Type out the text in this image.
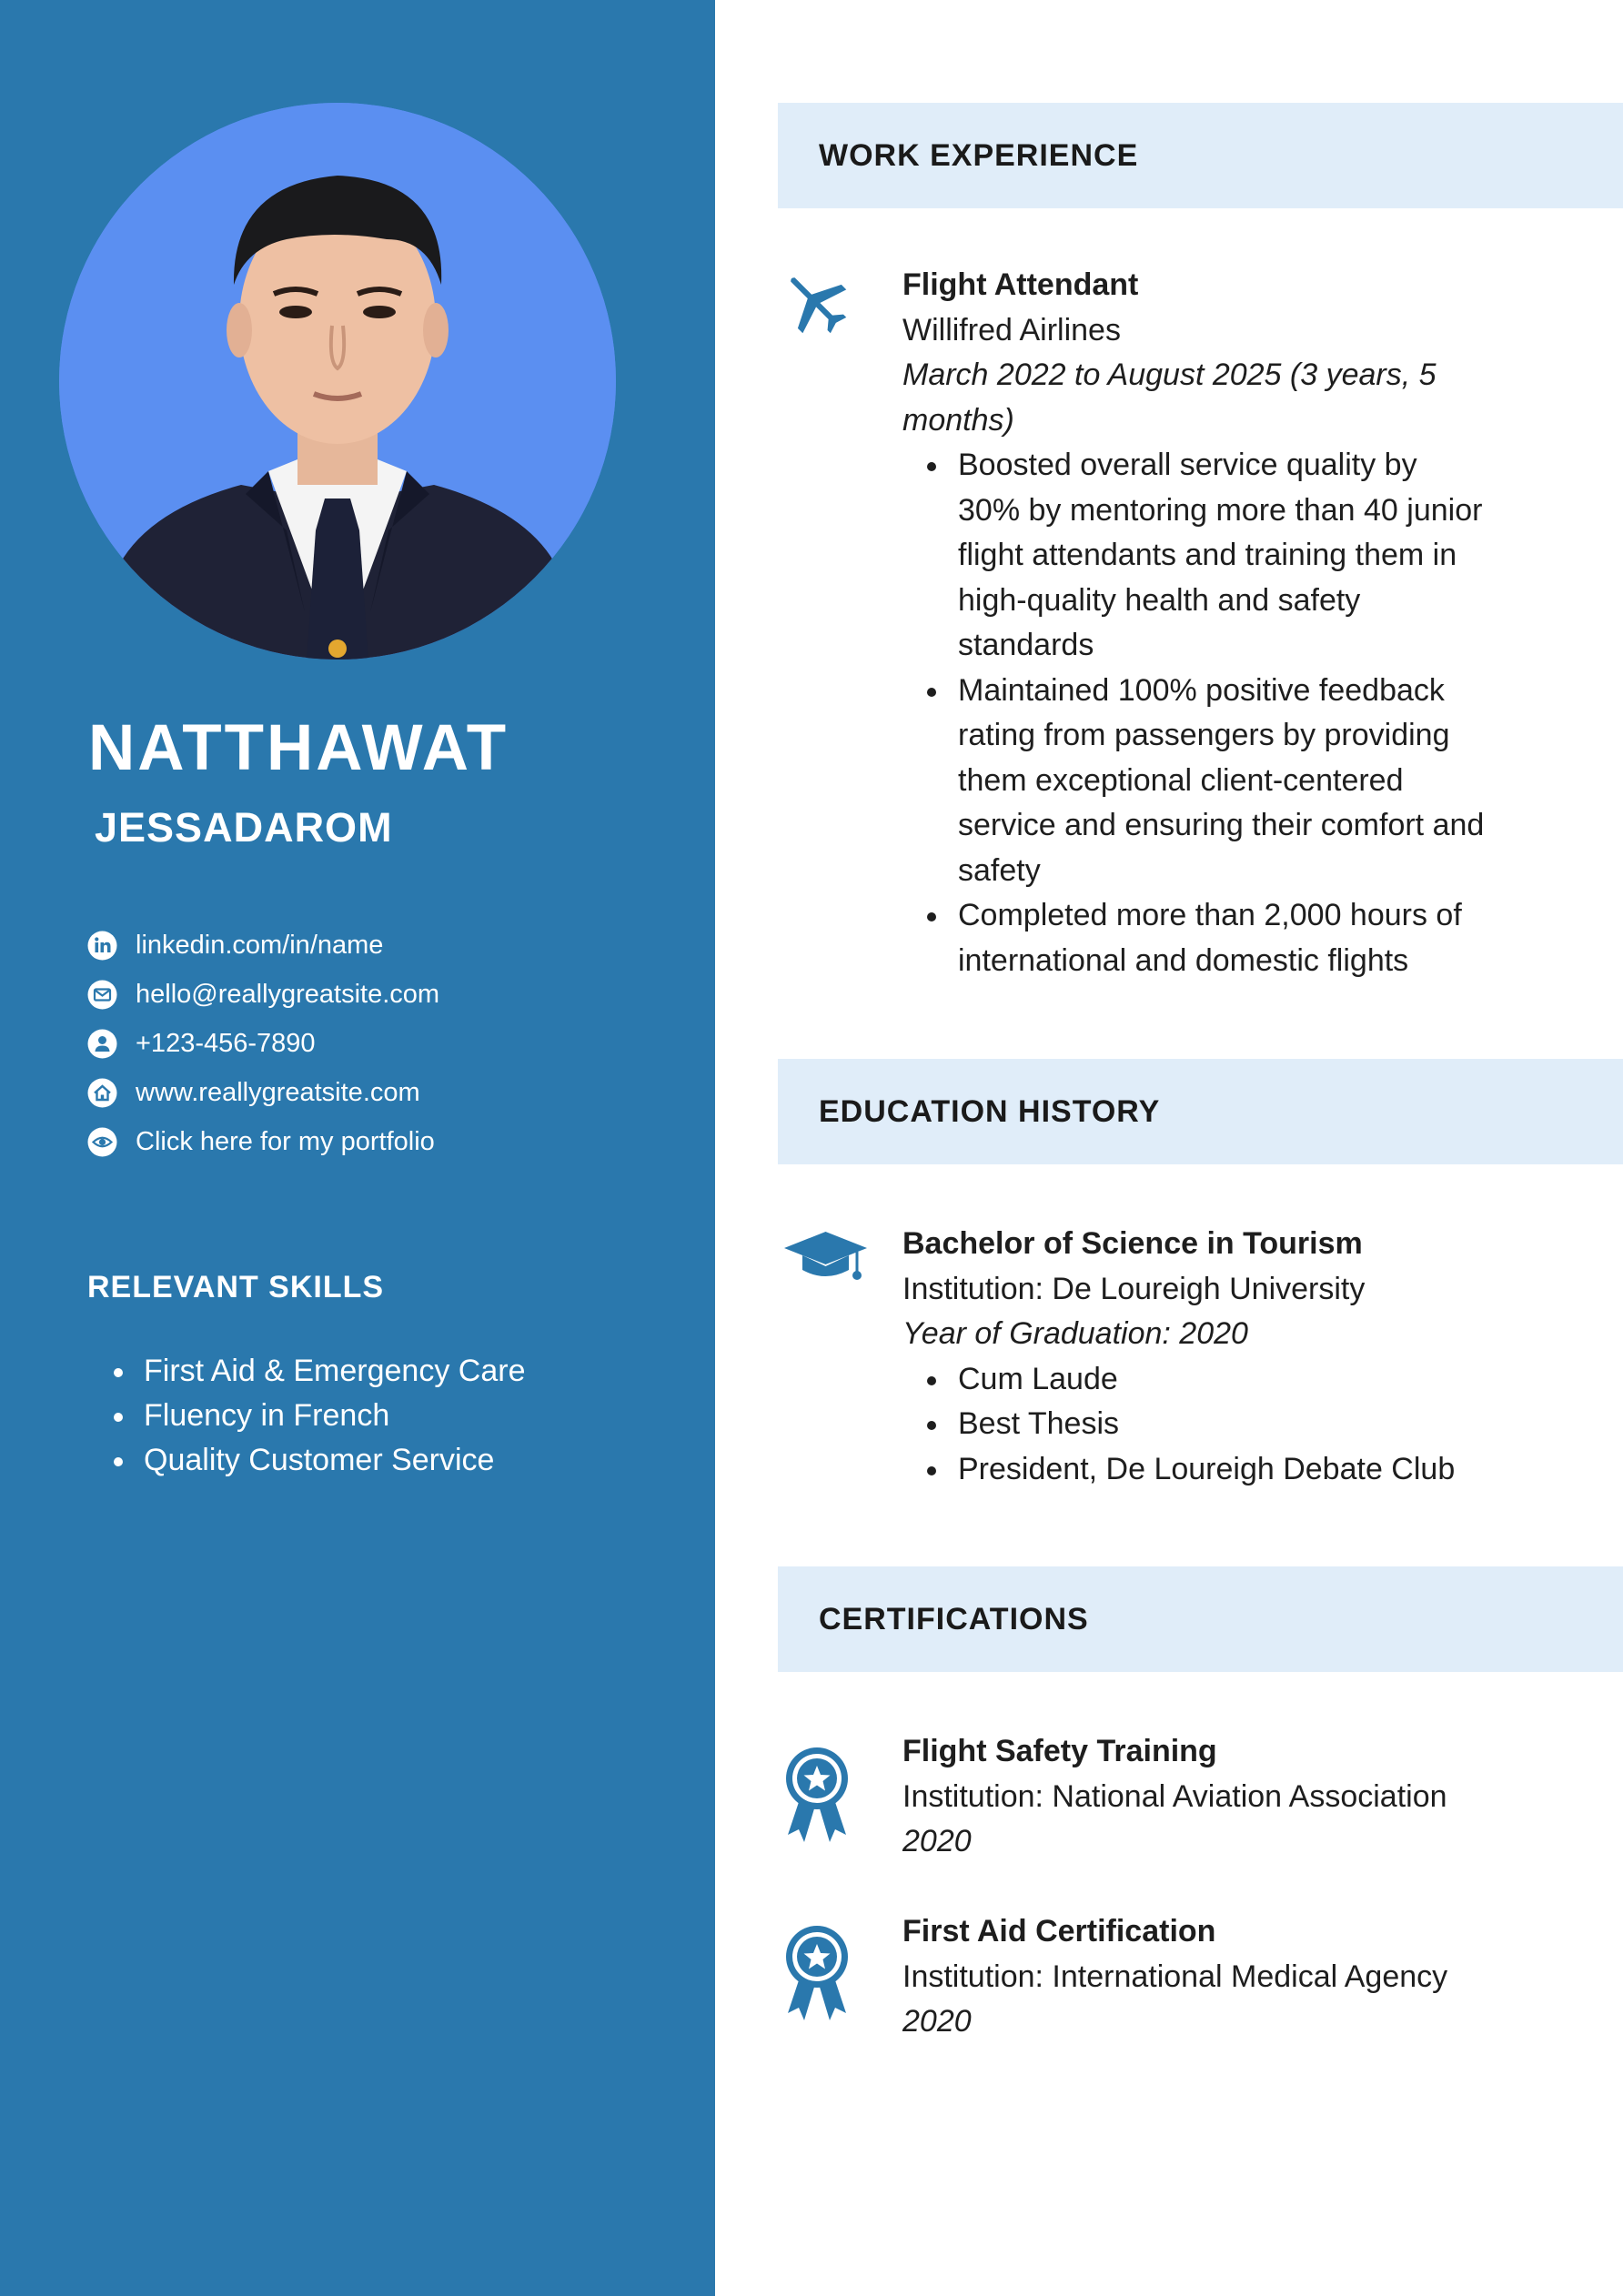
NATTHAWAT
JESSADAROM
linkedin.com/in/name
hello@reallygreatsite.com
+123-456-7890
www.reallygreatsite.com
Click here for my portfolio
RELEVANT SKILLS
First Aid & Emergency Care
Fluency in French
Quality Customer Service
WORK EXPERIENCE
Flight Attendant
Willifred Airlines
March 2022 to August 2025 (3 years, 5 months)
Boosted overall service quality by 30% by mentoring more than 40 junior flight attendants and training them in high-quality health and safety standards
Maintained 100% positive feedback rating from passengers by providing them exceptional client-centered service and ensuring their comfort and safety
Completed more than 2,000 hours of international and domestic flights
EDUCATION HISTORY
Bachelor of Science in Tourism
Institution: De Loureigh University
Year of Graduation: 2020
Cum Laude
Best Thesis
President, De Loureigh Debate Club
CERTIFICATIONS
Flight Safety Training
Institution: National Aviation Association
2020
First Aid Certification
Institution: International Medical Agency
2020
